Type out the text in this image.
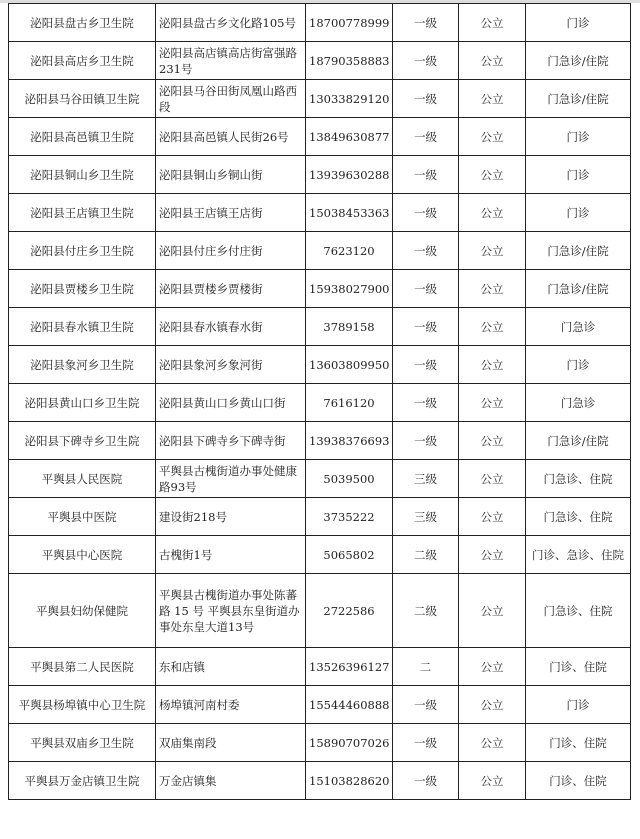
泌阳县盘古乡卫生院	泌阳县盘古乡文化路105号	18700778999	一级	公立	门诊
泌阳县高店乡卫生院	泌阳县高店镇高店街富强路231号	18790358883	一级	公立	门急诊/住院
泌阳县马谷田镇卫生院	泌阳县马谷田街凤凰山路西段	13033829120	一级	公立	门急诊/住院
泌阳县高邑镇卫生院	泌阳县高邑镇人民街26号	13849630877	一级	公立	门诊
泌阳县铜山乡卫生院	泌阳县铜山乡铜山街	13939630288	一级	公立	门诊
泌阳县王店镇卫生院	泌阳县王店镇王店街	15038453363	一级	公立	门诊
泌阳县付庄乡卫生院	泌阳县付庄乡付庄街	7623120	一级	公立	门急诊/住院
泌阳县贾楼乡卫生院	泌阳县贾楼乡贾楼街	15938027900	一级	公立	门急诊/住院
泌阳县春水镇卫生院	泌阳县春水镇春水街	3789158	一级	公立	门急诊
泌阳县象河乡卫生院	泌阳县象河乡象河街	13603809950	一级	公立	门诊
泌阳县黄山口乡卫生院	泌阳县黄山口乡黄山口街	7616120	一级	公立	门急诊
泌阳县下碑寺乡卫生院	泌阳县下碑寺乡下碑寺街	13938376693	一级	公立	门急诊/住院
平舆县人民医院	平舆县古槐街道办事处健康路93号	5039500	三级	公立	门急诊、住院
平舆县中医院	建设街218号	3735222	三级	公立	门急诊、住院
平舆县中心医院	古槐街1号	5065802	二级	公立	门诊、急诊、住院
平舆县妇幼保健院	平舆县古槐街道办事处陈蕃路 15 号 平舆县东皇街道办事处东皇大道13号	2722586	二级	公立	门急诊、住院
平舆县第二人民医院	东和店镇	13526396127	二	公立	门诊、住院
平舆县杨埠镇中心卫生院	杨埠镇河南村委	15544460888	一级	公立	门诊
平舆县双庙乡卫生院	双庙集南段	15890707026	一级	公立	门诊、住院
平舆县万金店镇卫生院	万金店镇集	15103828620	一级	公立	门诊、住院
